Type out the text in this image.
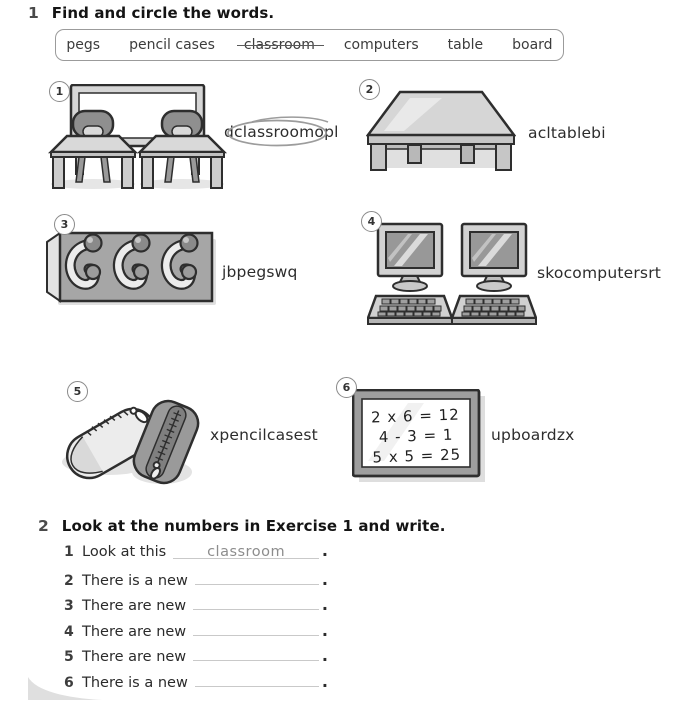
1 Find and circle the words.
pegs pencil cases classroom computers table board
1
dclassroom
opl
2
acltablebi
3
jbpegswq
4
skocomputersrt
5
xpencilcasest
6
2 x 6 = 12
4 - 3 = 1
5 x 5 = 25
upboardzx
2 Look at the numbers in Exercise 1 and write.
1 Look at this	classroom	.
2 There is a new	.
3 There are new	.
4 There are new	.
5 There are new	.
6 There is a new	.
